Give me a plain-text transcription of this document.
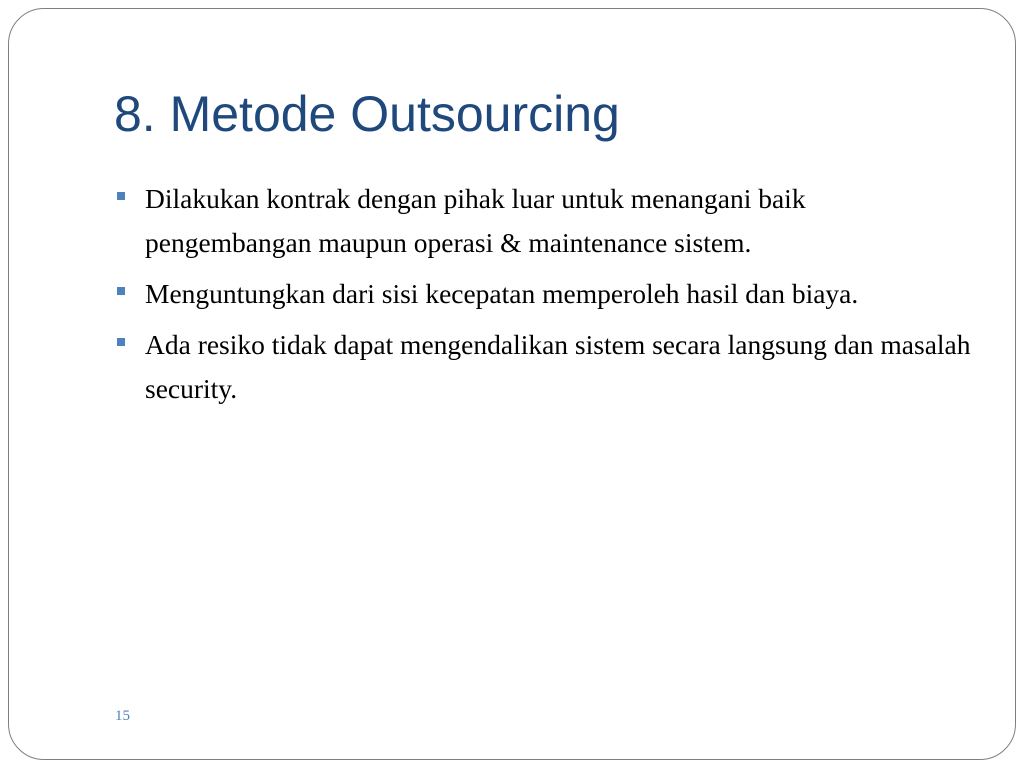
8. Metode Outsourcing
Dilakukan kontrak dengan pihak luar untuk menangani baik pengembangan maupun operasi & maintenance sistem.
Menguntungkan dari sisi kecepatan memperoleh hasil dan biaya.
Ada resiko tidak dapat mengendalikan sistem secara langsung dan masalah security.
15
